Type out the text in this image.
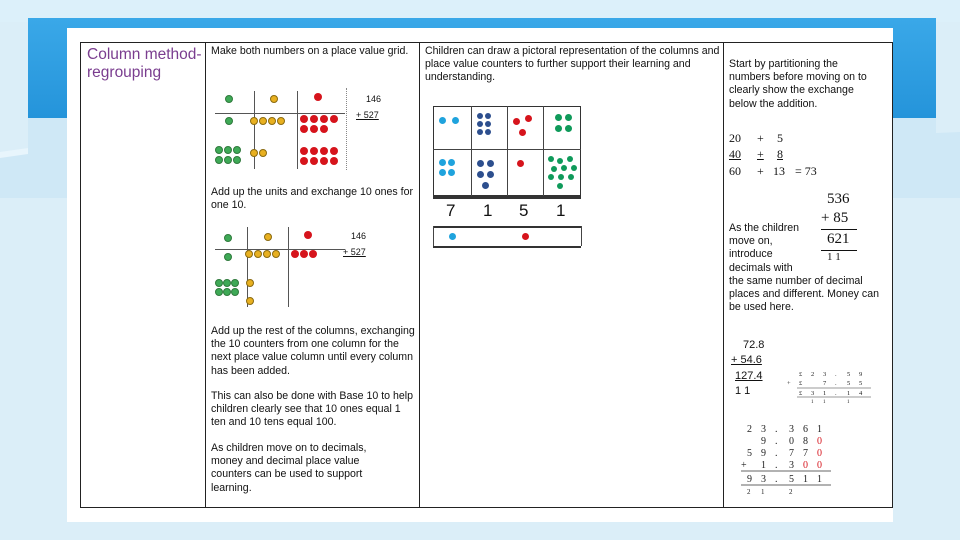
Column method- regrouping
Make both numbers on a place value grid.
146
+ 527
Add up the units and exchange 10 ones for one 10.
146
+ 527
Add up the rest of the columns, exchanging the 10 counters from one column for the next place value column until every column has been added.
This can also be done with Base 10 to help children clearly see that 10 ones equal 1 ten and 10 tens equal 100.
As children move on to decimals, money and decimal place value counters can be used to support learning.
Children can draw a pictoral representation of the columns and place value counters to further support their learning and understanding.
7 1 5 1
Start by partitioning the numbers before moving on to clearly show the exchange below the addition.
20 + 5
40 + 8
60 + 13 = 73
536
+ 85
621
1 1
As the children move on, introduce decimals with
the same number of decimal places and different. Money can be used here.
72.8
+ 54.6
127.4
1 1
£ 2 3 . 5 9
+ £	7 . 5 5
£ 3 1 . 1 4
1 1	1
2 3 . 3 6 1
9 . 0 8 0
5 9 . 7 7 0
+ 1 . 3 0 0
9 3 . 5 1 1
2 1	2
